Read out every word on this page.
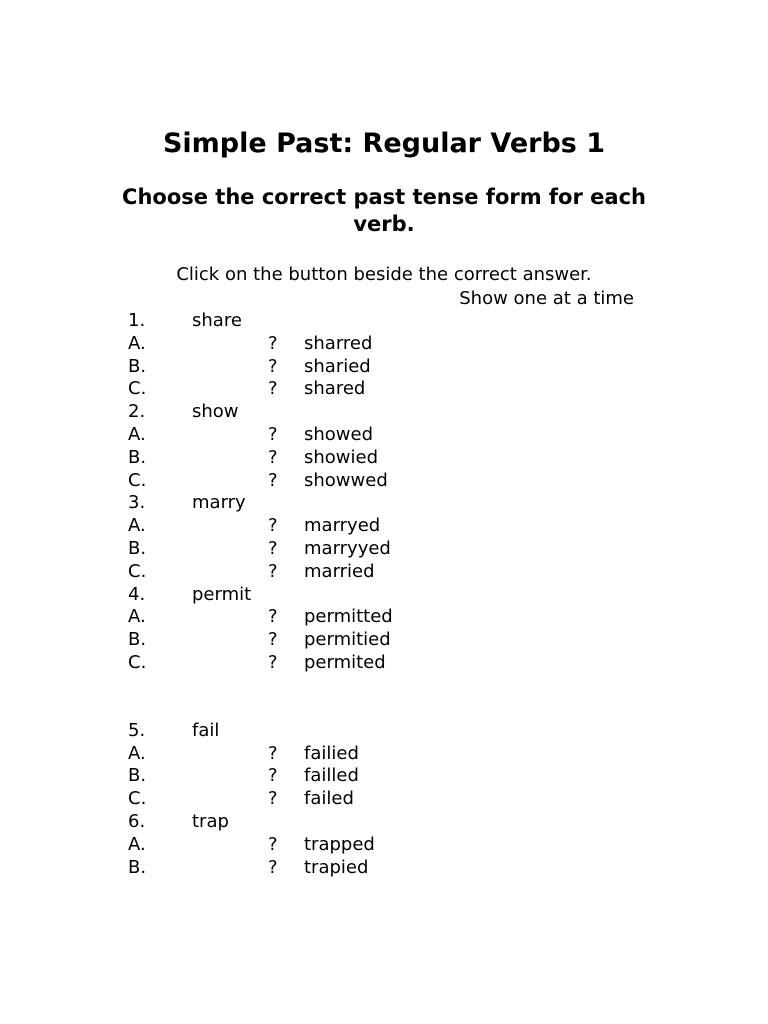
Simple Past: Regular Verbs 1
Choose the correct past tense form for each verb.
Click on the button beside the correct answer.
Show one at a time
1.	share
A.	? sharred
B.	? sharied
C.	? shared
2.	show
A.	? showed
B.	? showied
C.	? showwed
3.	marry
A.	? marryed
B.	? marryyed
C.	? married
4.	permit
A.	? permitted
B.	? permitied
C.	? permited
5.	fail
A.	? failied
B.	? failled
C.	? failed
6.	trap
A.	? trapped
B.	? trapied
